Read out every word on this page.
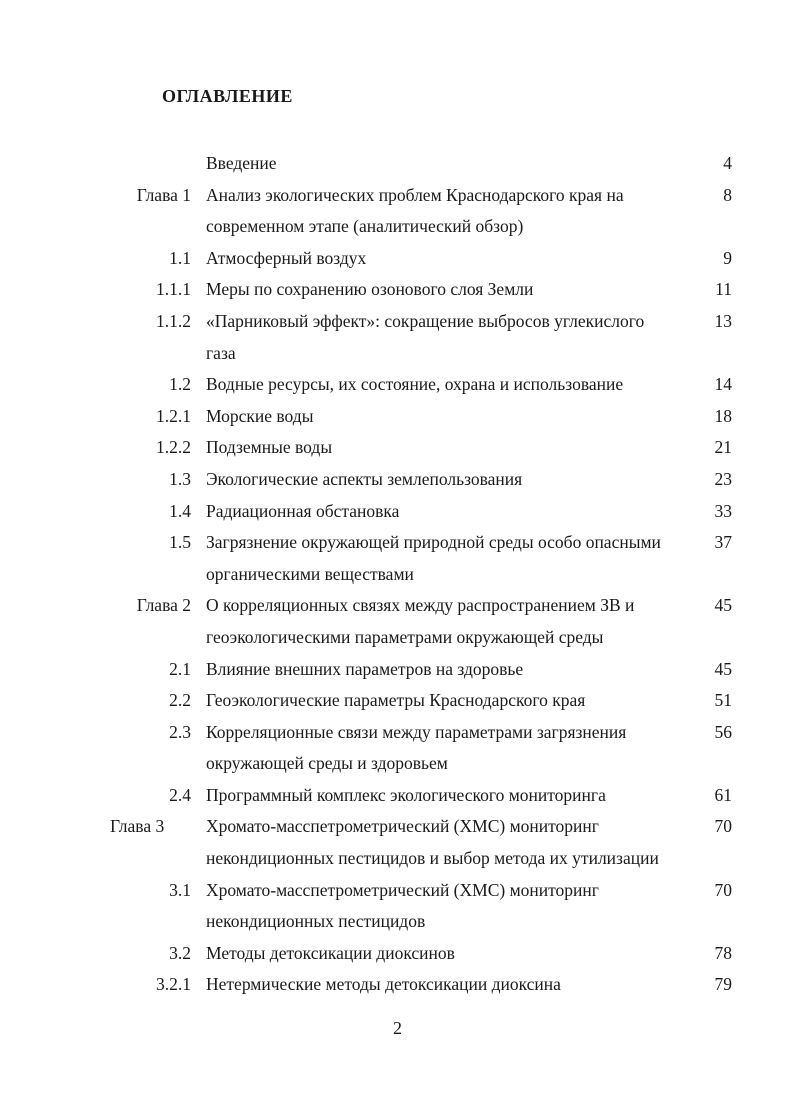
ОГЛАВЛЕНИЕ
Введение	4
Глава 1 Анализ экологических проблем Краснодарского края на	8
современном этапе (аналитический обзор)
1.1 Атмосферный воздух	9
1.1.1 Меры по сохранению озонового слоя Земли	11
1.1.2 «Парниковый эффект»: сокращение выбросов углекислого	13
газа
1.2 Водные ресурсы, их состояние, охрана и использование	14
1.2.1 Морские воды	18
1.2.2 Подземные воды	21
1.3 Экологические аспекты землепользования	23
1.4 Радиационная обстановка	33
1.5 Загрязнение окружающей природной среды особо опасными	37
органическими веществами
Глава 2 О корреляционных связях между распространением ЗВ и	45
геоэкологическими параметрами окружающей среды
2.1 Влияние внешних параметров на здоровье	45
2.2 Геоэкологические параметры Краснодарского края	51
2.3 Корреляционные связи между параметрами загрязнения	56
окружающей среды и здоровьем
2.4 Программный комплекс экологического мониторинга	61
Глава 3 Хромато-масспетрометрический (ХМС) мониторинг	70
некондиционных пестицидов и выбор метода их утилизации
3.1 Хромато-масспетрометрический (ХМС) мониторинг	70
некондиционных пестицидов
3.2 Методы детоксикации диоксинов	78
3.2.1 Нетермические методы детоксикации диоксина	79
2
